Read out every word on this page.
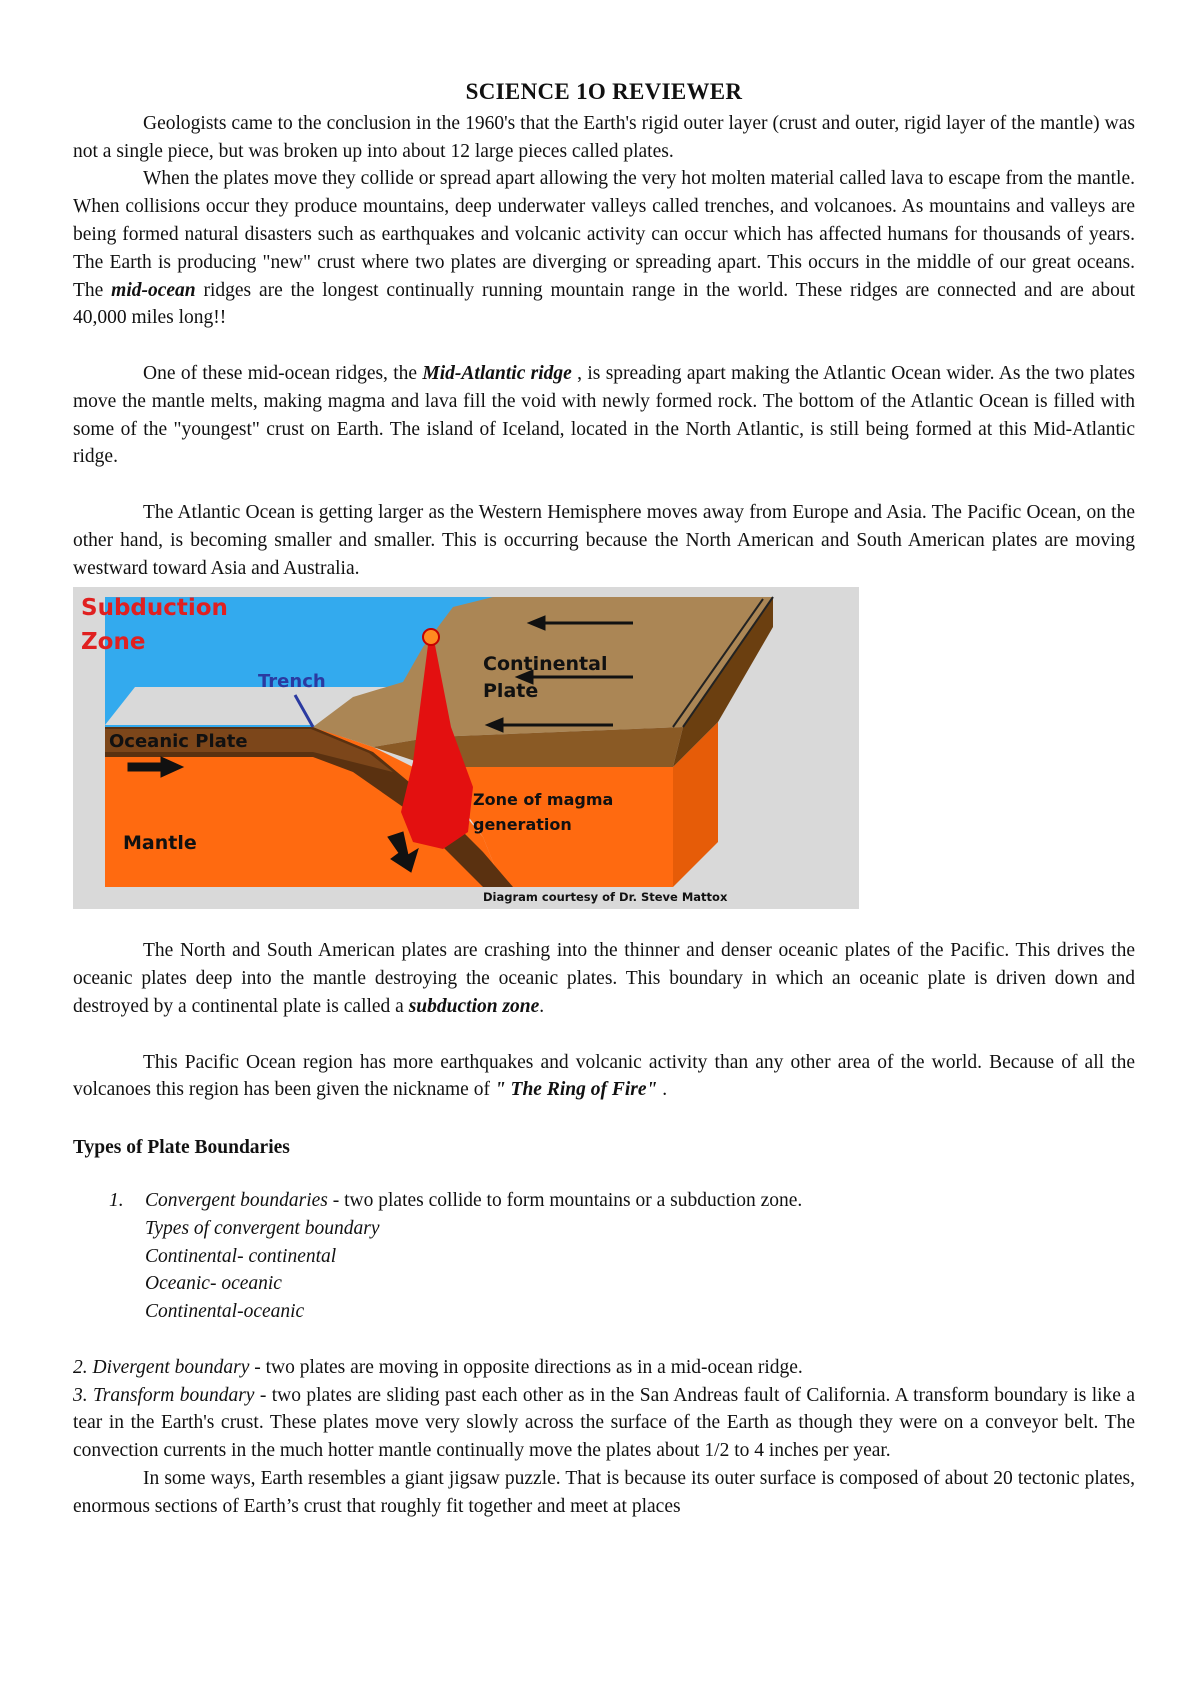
SCIENCE 1O REVIEWER

Geologists came to the conclusion in the 1960's that the Earth's rigid outer layer (crust and outer, rigid layer of the mantle) was not a single piece, but was broken up into about 12 large pieces called plates.

When the plates move they collide or spread apart allowing the very hot molten material called lava to escape from the mantle. When collisions occur they produce mountains, deep underwater valleys called trenches, and volcanoes. As mountains and valleys are being formed natural disasters such as earthquakes and volcanic activity can occur which has affected humans for thousands of years. The Earth is producing "new" crust where two plates are diverging or spreading apart. This occurs in the middle of our great oceans. The mid-ocean ridges are the longest continually running mountain range in the world. These ridges are connected and are about 40,000 miles long!!

One of these mid-ocean ridges, the Mid-Atlantic ridge , is spreading apart making the Atlantic Ocean wider. As the two plates move the mantle melts, making magma and lava fill the void with newly formed rock. The bottom of the Atlantic Ocean is filled with some of the "youngest" crust on Earth. The island of Iceland, located in the North Atlantic, is still being formed at this Mid-Atlantic ridge.

The Atlantic Ocean is getting larger as the Western Hemisphere moves away from Europe and Asia. The Pacific Ocean, on the other hand, is becoming smaller and smaller. This is occurring because the North American and South American plates are moving westward toward Asia and Australia.

Subduction
Zone
Trench
Continental
Plate
Oceanic Plate
Zone of magma
generation
Mantle
Diagram courtesy of Dr. Steve Mattox

The North and South American plates are crashing into the thinner and denser oceanic plates of the Pacific. This drives the oceanic plates deep into the mantle destroying the oceanic plates. This boundary in which an oceanic plate is driven down and destroyed by a continental plate is called a subduction zone.

This Pacific Ocean region has more earthquakes and volcanic activity than any other area of the world. Because of all the volcanoes this region has been given the nickname of " The Ring of Fire" .

Types of Plate Boundaries
1.	Convergent boundaries - two plates collide to form mountains or a subduction zone.
Types of convergent boundary
Continental- continental
Oceanic- oceanic
Continental-oceanic

2. Divergent boundary - two plates are moving in opposite directions as in a mid-ocean ridge.

3. Transform boundary - two plates are sliding past each other as in the San Andreas fault of California. A transform boundary is like a tear in the Earth's crust. These plates move very slowly across the surface of the Earth as though they were on a conveyor belt. The convection currents in the much hotter mantle continually move the plates about 1/2 to 4 inches per year.

In some ways, Earth resembles a giant jigsaw puzzle. That is because its outer surface is composed of about 20 tectonic plates, enormous sections of Earth’s crust that roughly fit together and meet at places
